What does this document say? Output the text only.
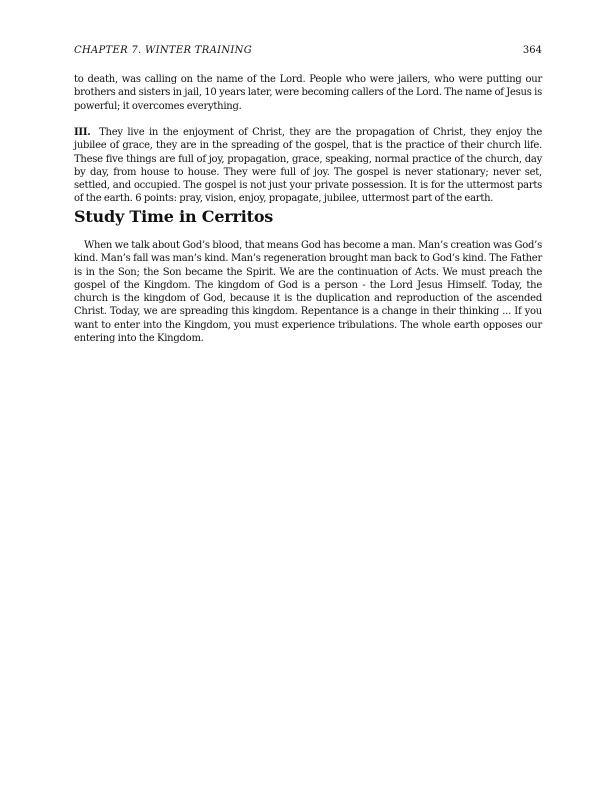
CHAPTER 7. WINTER TRAINING	364

to death, was calling on the name of the Lord. People who were jailers, who were putting our brothers and sisters in jail, 10 years later, were becoming callers of the Lord. The name of Jesus is powerful; it overcomes everything.

III. They live in the enjoyment of Christ, they are the propagation of Christ, they enjoy the jubilee of grace, they are in the spreading of the gospel, that is the practice of their church life. These five things are full of joy, propagation, grace, speaking, normal practice of the church, day by day, from house to house. They were full of joy. The gospel is never stationary; never set, settled, and occupied. The gospel is not just your private possession. It is for the uttermost parts of the earth. 6 points: pray, vision, enjoy, propagate, jubilee, uttermost part of the earth.

Study Time in Cerritos

When we talk about God’s blood, that means God has become a man. Man’s creation was God’s kind. Man’s fall was man’s kind. Man’s regeneration brought man back to God’s kind. The Father is in the Son; the Son became the Spirit. We are the continuation of Acts. We must preach the gospel of the Kingdom. The kingdom of God is a person - the Lord Jesus Himself. Today, the church is the kingdom of God, because it is the duplication and reproduction of the ascended Christ. Today, we are spreading this kingdom. Repentance is a change in their thinking ... If you want to enter into the Kingdom, you must experience tribulations. The whole earth opposes our entering into the Kingdom.
